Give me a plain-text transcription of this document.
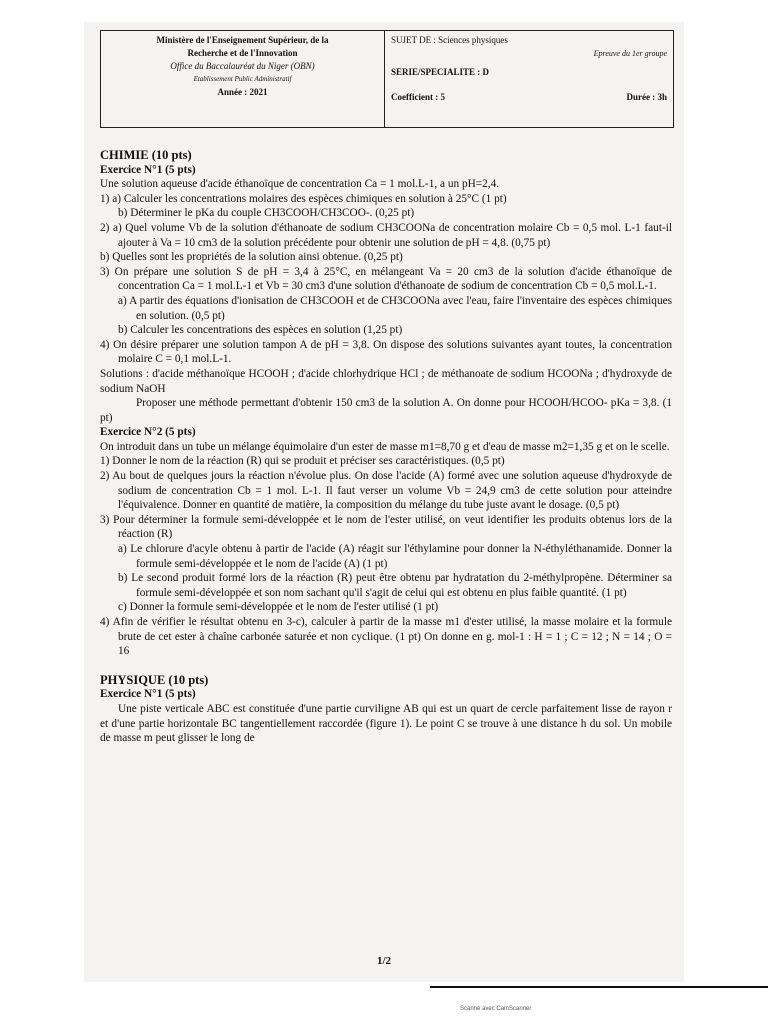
Ministère de l'Enseignement Supérieur, de la
Recherche et de l'Innovation
Office du Baccalauréat du Niger (OBN)
Etablissement Public Administratif
Année : 2021
SUJET DE : Sciences physiques
Epreuve du 1er groupe
SERIE/SPECIALITE : D
Coefficient : 5	Durée : 3h

CHIMIE (10 pts)

Exercice N°1 (5 pts)

Une solution aqueuse d'acide éthanoïque de concentration Ca = 1 mol.L-1, a un pH=2,4.

1) a) Calculer les concentrations molaires des espèces chimiques en solution à 25°C (1 pt)

b) Déterminer le pKa du couple CH3COOH/CH3COO-. (0,25 pt)

2) a) Quel volume Vb de la solution d'éthanoate de sodium CH3COONa de concentration molaire Cb = 0,5 mol. L-1 faut-il ajouter à Va = 10 cm3 de la solution précédente pour obtenir une solution de pH = 4,8. (0,75 pt)

b) Quelles sont les propriétés de la solution ainsi obtenue. (0,25 pt)

3) On prépare une solution S de pH = 3,4 à 25°C, en mélangeant Va = 20 cm3 de la solution d'acide éthanoïque de concentration Ca = 1 mol.L-1 et Vb = 30 cm3 d'une solution d'éthanoate de sodium de concentration Cb = 0,5 mol.L-1.

a) A partir des équations d'ionisation de CH3COOH et de CH3COONa avec l'eau, faire l'inventaire des espèces chimiques en solution. (0,5 pt)

b) Calculer les concentrations des espèces en solution (1,25 pt)

4) On désire préparer une solution tampon A de pH = 3,8. On dispose des solutions suivantes ayant toutes, la concentration molaire C = 0,1 mol.L-1.

Solutions : d'acide méthanoïque HCOOH ; d'acide chlorhydrique HCl ; de méthanoate de sodium HCOONa ; d'hydroxyde de sodium NaOH

Proposer une méthode permettant d'obtenir 150 cm3 de la solution A. On donne pour HCOOH/HCOO- pKa = 3,8. (1 pt)

Exercice N°2 (5 pts)

On introduit dans un tube un mélange équimolaire d'un ester de masse m1=8,70 g et d'eau de masse m2=1,35 g et on le scelle.

1) Donner le nom de la réaction (R) qui se produit et préciser ses caractéristiques. (0,5 pt)

2) Au bout de quelques jours la réaction n'évolue plus. On dose l'acide (A) formé avec une solution aqueuse d'hydroxyde de sodium de concentration Cb = 1 mol. L-1. Il faut verser un volume Vb = 24,9 cm3 de cette solution pour atteindre l'équivalence. Donner en quantité de matière, la composition du mélange du tube juste avant le dosage. (0,5 pt)

3) Pour déterminer la formule semi-développée et le nom de l'ester utilisé, on veut identifier les produits obtenus lors de la réaction (R)

a) Le chlorure d'acyle obtenu à partir de l'acide (A) réagit sur l'éthylamine pour donner la N-éthyléthanamide. Donner la formule semi-développée et le nom de l'acide (A) (1 pt)

b) Le second produit formé lors de la réaction (R) peut être obtenu par hydratation du 2-méthylpropène. Déterminer sa formule semi-développée et son nom sachant qu'il s'agit de celui qui est obtenu en plus faible quantité. (1 pt)

c) Donner la formule semi-développée et le nom de l'ester utilisé (1 pt)

4) Afin de vérifier le résultat obtenu en 3-c), calculer à partir de la masse m1 d'ester utilisé, la masse molaire et la formule brute de cet ester à chaîne carbonée saturée et non cyclique. (1 pt) On donne en g. mol-1 : H = 1 ; C = 12 ; N = 14 ; O = 16

PHYSIQUE (10 pts)

Exercice N°1 (5 pts)

Une piste verticale ABC est constituée d'une partie curviligne AB qui est un quart de cercle parfaitement lisse de rayon r et d'une partie horizontale BC tangentiellement raccordée (figure 1). Le point C se trouve à une distance h du sol. Un mobile de masse m peut glisser le long de

1/2
Scanné avec CamScanner
